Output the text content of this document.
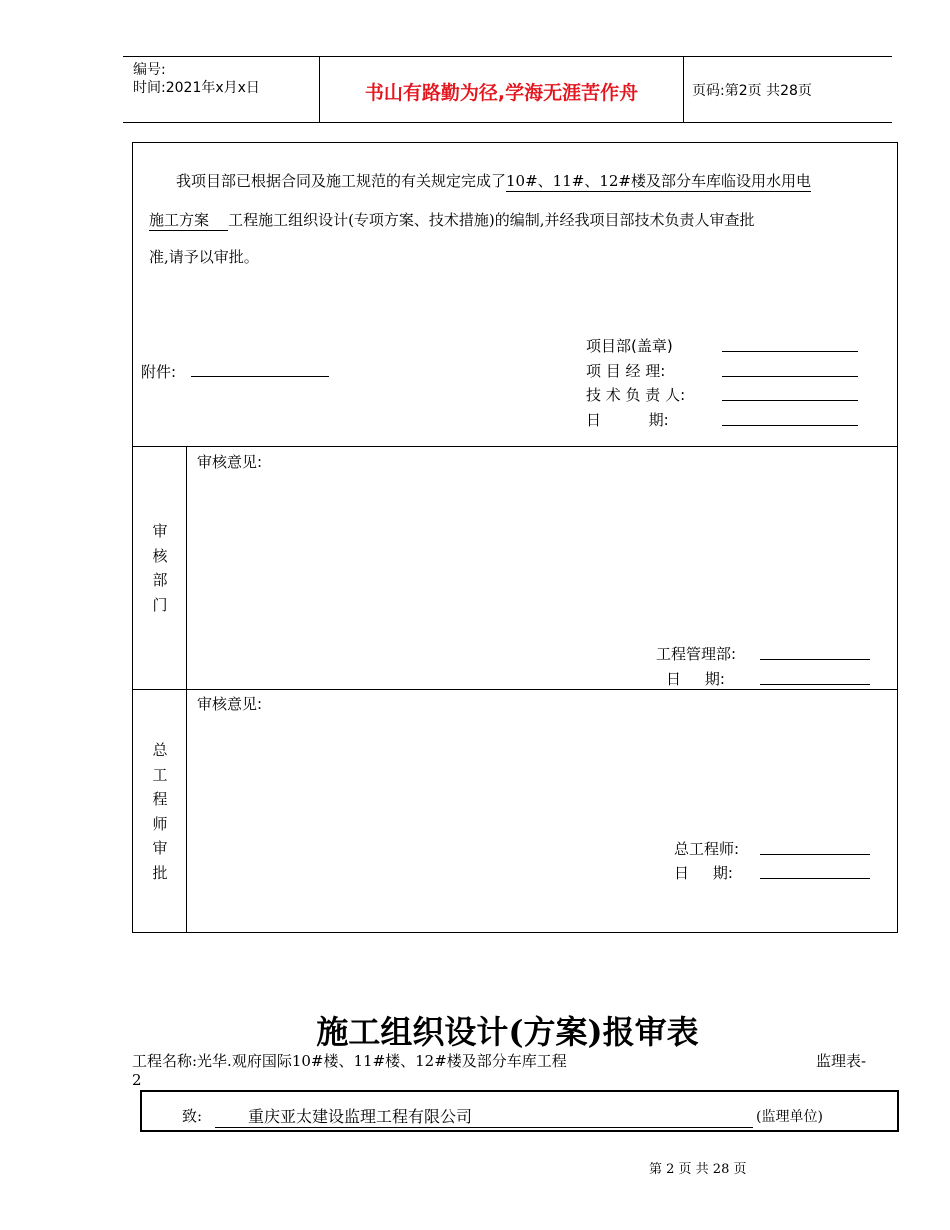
编号:
时间:2021年x月x日	书山有路勤为径,学海无涯苦作舟	页码:第2页 共28页
我项目部已根据合同及施工规范的有关规定完成了10#、11#、12#楼及部分车库临设用水用电
施工方案    工程施工组织设计(专项方案、技术措施)的编制,并经我项目部技术负责人审查批
准,请予以审批。
附件:
项目部(盖章)
项 目 经 理:
技 术 负 责 人:
日          期:
审
核
部
门
审核意见:
工程管理部:
日     期:
总
工
程
师
审
批
审核意见:
总工程师:
日     期:
施工组织设计(方案)报审表
工程名称:光华.观府国际10#楼、11#楼、12#楼及部分车库工程	监理表-
2
致:	重庆亚太建设监理工程有限公司	(监理单位)
第 2 页 共 28 页
